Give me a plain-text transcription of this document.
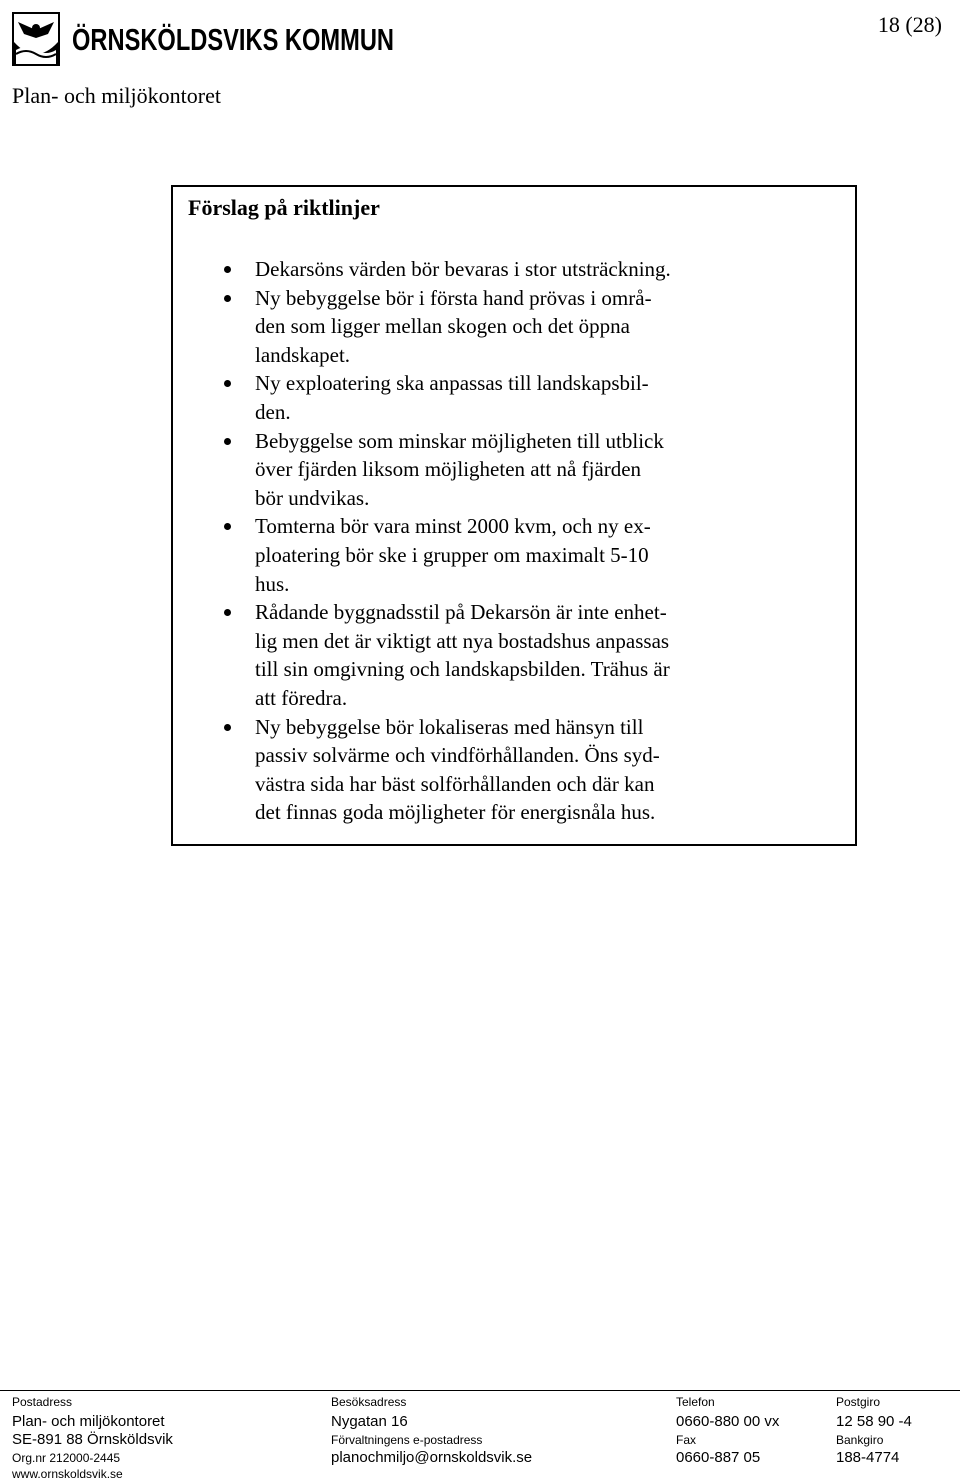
ÖRNSKÖLDSVIKS KOMMUN	18 (28)
Plan- och miljökontoret
Förslag på riktlinjer
Dekarsöns värden bör bevaras i stor utsträckning.
Ny bebyggelse bör i första hand prövas i områ-
den som ligger mellan skogen och det öppna
landskapet.
Ny exploatering ska anpassas till landskapsbil-
den.
Bebyggelse som minskar möjligheten till utblick
över fjärden liksom möjligheten att nå fjärden
bör undvikas.
Tomterna bör vara minst 2000 kvm, och ny ex-
ploatering bör ske i grupper om maximalt 5-10
hus.
Rådande byggnadsstil på Dekarsön är inte enhet-
lig men det är viktigt att nya bostadshus anpassas
till sin omgivning och landskapsbilden. Trähus är
att föredra.
Ny bebyggelse bör lokaliseras med hänsyn till
passiv solvärme och vindförhållanden. Öns syd-
västra sida har bäst solförhållanden och där kan
det finnas goda möjligheter för energisnåla hus.
Postadress
Plan- och miljökontoret
SE-891 88 Örnsköldsvik
Org.nr 212000-2445
www.ornskoldsvik.se
Besöksadress
Nygatan 16
Förvaltningens e-postadress
planochmiljo@ornskoldsvik.se
Telefon
0660-880 00 vx
Fax
0660-887 05
Postgiro
12 58 90 -4
Bankgiro
188-4774
